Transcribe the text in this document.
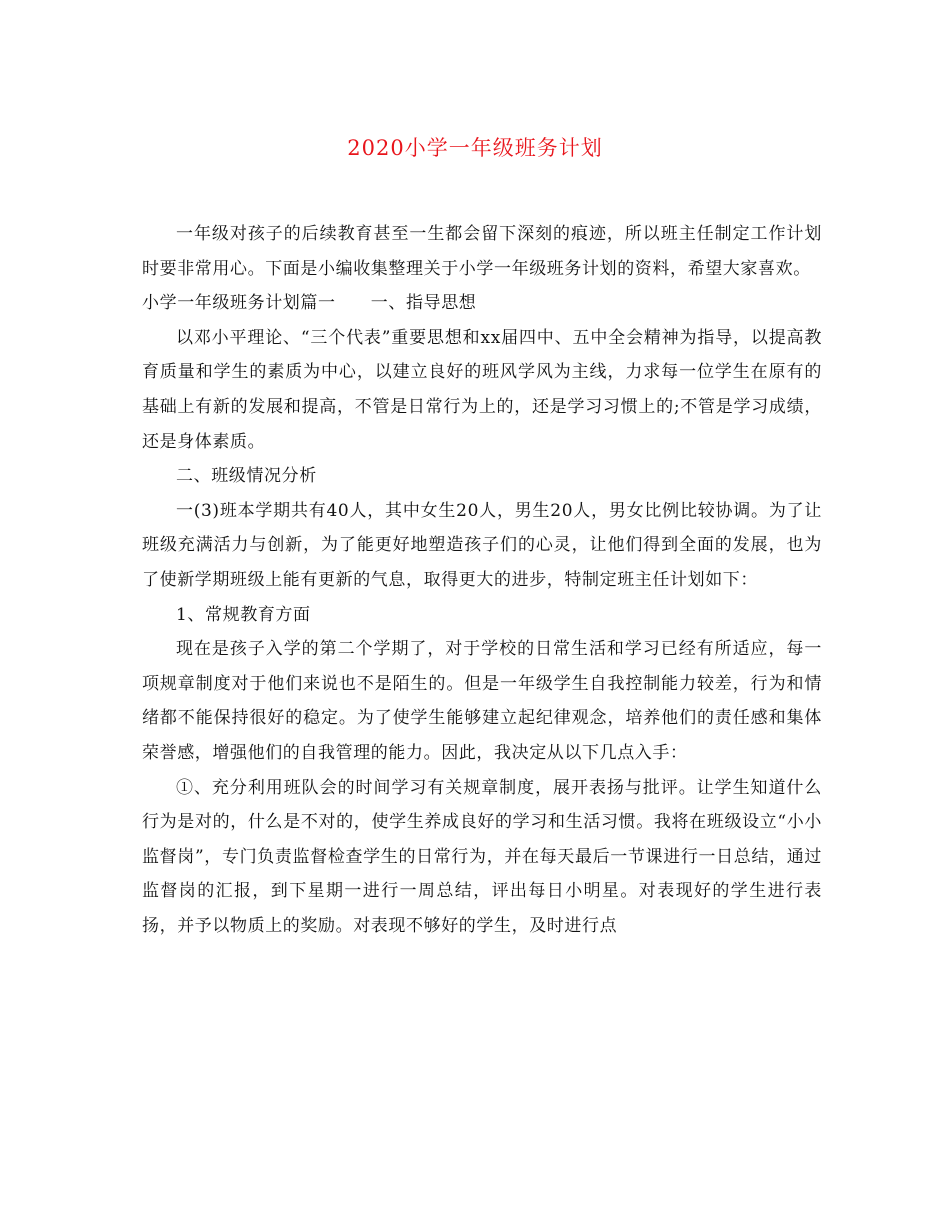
2020小学一年级班务计划

一年级对孩子的后续教育甚至一生都会留下深刻的痕迹，所以班主任制定工作计划时要非常用心。下面是小编收集整理关于小学一年级班务计划的资料，希望大家喜欢。

小学一年级班务计划篇一　　一、指导思想

以邓小平理论、“三个代表”重要思想和xx届四中、五中全会精神为指导，以提高教育质量和学生的素质为中心，以建立良好的班风学风为主线，力求每一位学生在原有的基础上有新的发展和提高，不管是日常行为上的，还是学习习惯上的;不管是学习成绩，还是身体素质。

二、班级情况分析

一(3)班本学期共有40人，其中女生20人，男生20人，男女比例比较协调。为了让班级充满活力与创新，为了能更好地塑造孩子们的心灵，让他们得到全面的发展，也为了使新学期班级上能有更新的气息，取得更大的进步，特制定班主任计划如下：

1、常规教育方面

现在是孩子入学的第二个学期了，对于学校的日常生活和学习已经有所适应，每一项规章制度对于他们来说也不是陌生的。但是一年级学生自我控制能力较差，行为和情绪都不能保持很好的稳定。为了使学生能够建立起纪律观念，培养他们的责任感和集体荣誉感，增强他们的自我管理的能力。因此，我决定从以下几点入手：

①、充分利用班队会的时间学习有关规章制度，展开表扬与批评。让学生知道什么行为是对的，什么是不对的，使学生养成良好的学习和生活习惯。我将在班级设立“小小监督岗”，专门负责监督检查学生的日常行为，并在每天最后一节课进行一日总结，通过监督岗的汇报，到下星期一进行一周总结，评出每日小明星。对表现好的学生进行表扬，并予以物质上的奖励。对表现不够好的学生，及时进行点
